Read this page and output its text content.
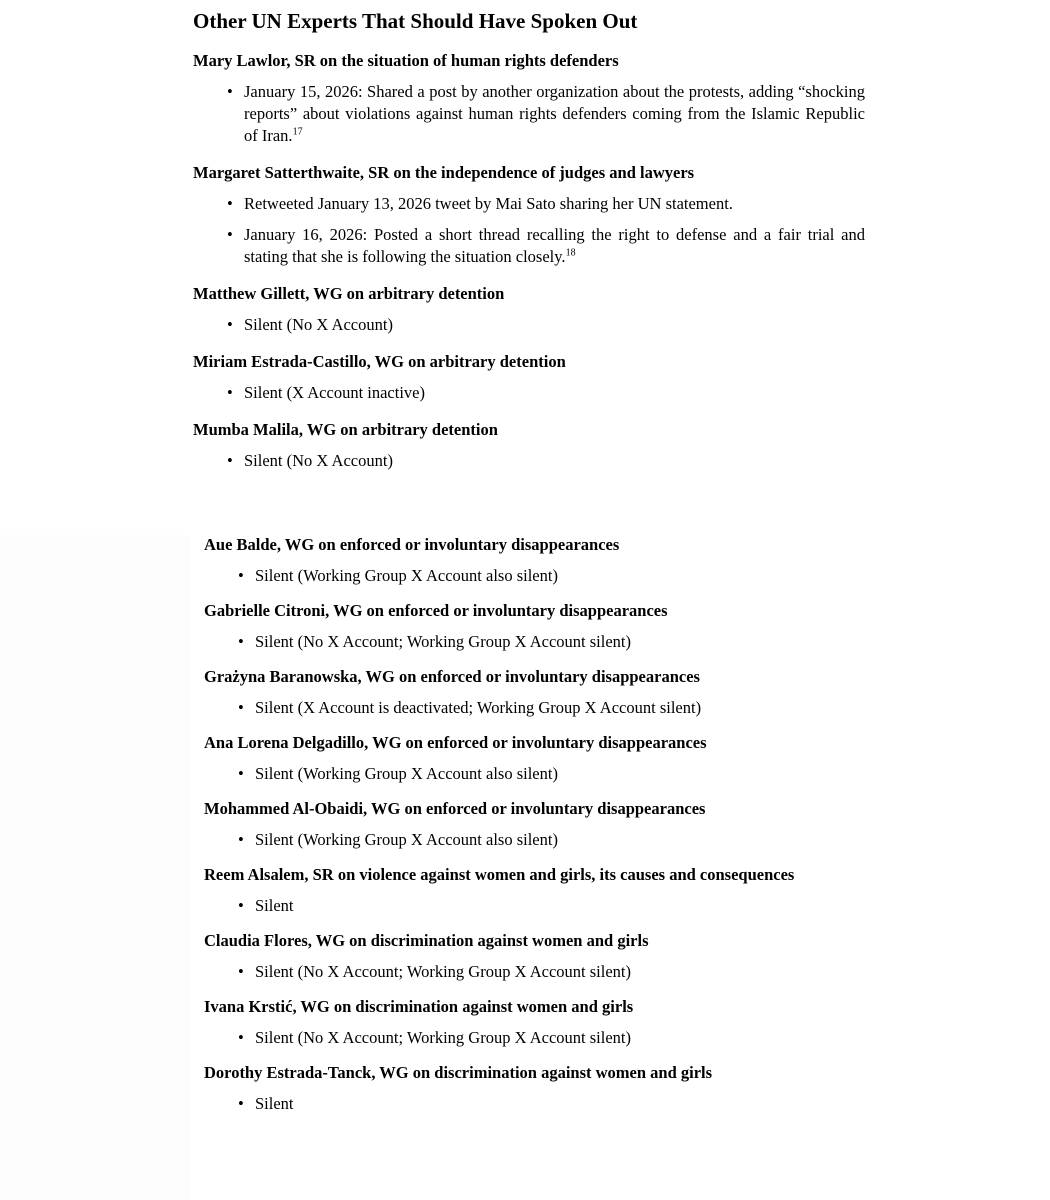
Other UN Experts That Should Have Spoken Out
Mary Lawlor, SR on the situation of human rights defenders
• January 15, 2026: Shared a post by another organization about the protests, adding “shocking reports” about violations against human rights defenders coming from the Islamic Republic of Iran.$^{17}$
Margaret Satterthwaite, SR on the independence of judges and lawyers
• Retweeted January 13, 2026 tweet by Mai Sato sharing her UN statement.
• January 16, 2026: Posted a short thread recalling the right to defense and a fair trial and stating that she is following the situation closely.$^{18}$
Matthew Gillett, WG on arbitrary detention
• Silent (No X Account)
Miriam Estrada-Castillo, WG on arbitrary detention
• Silent (X Account inactive)
Mumba Malila, WG on arbitrary detention
• Silent (No X Account)
Aue Balde, WG on enforced or involuntary disappearances
• Silent (Working Group X Account also silent)
Gabrielle Citroni, WG on enforced or involuntary disappearances
• Silent (No X Account; Working Group X Account silent)
Grażyna Baranowska, WG on enforced or involuntary disappearances
• Silent (X Account is deactivated; Working Group X Account silent)
Ana Lorena Delgadillo, WG on enforced or involuntary disappearances
• Silent (Working Group X Account also silent)
Mohammed Al-Obaidi, WG on enforced or involuntary disappearances
• Silent (Working Group X Account also silent)
Reem Alsalem, SR on violence against women and girls, its causes and consequences
• Silent
Claudia Flores, WG on discrimination against women and girls
• Silent (No X Account; Working Group X Account silent)
Ivana Krstić, WG on discrimination against women and girls
• Silent (No X Account; Working Group X Account silent)
Dorothy Estrada-Tanck, WG on discrimination against women and girls
• Silent
